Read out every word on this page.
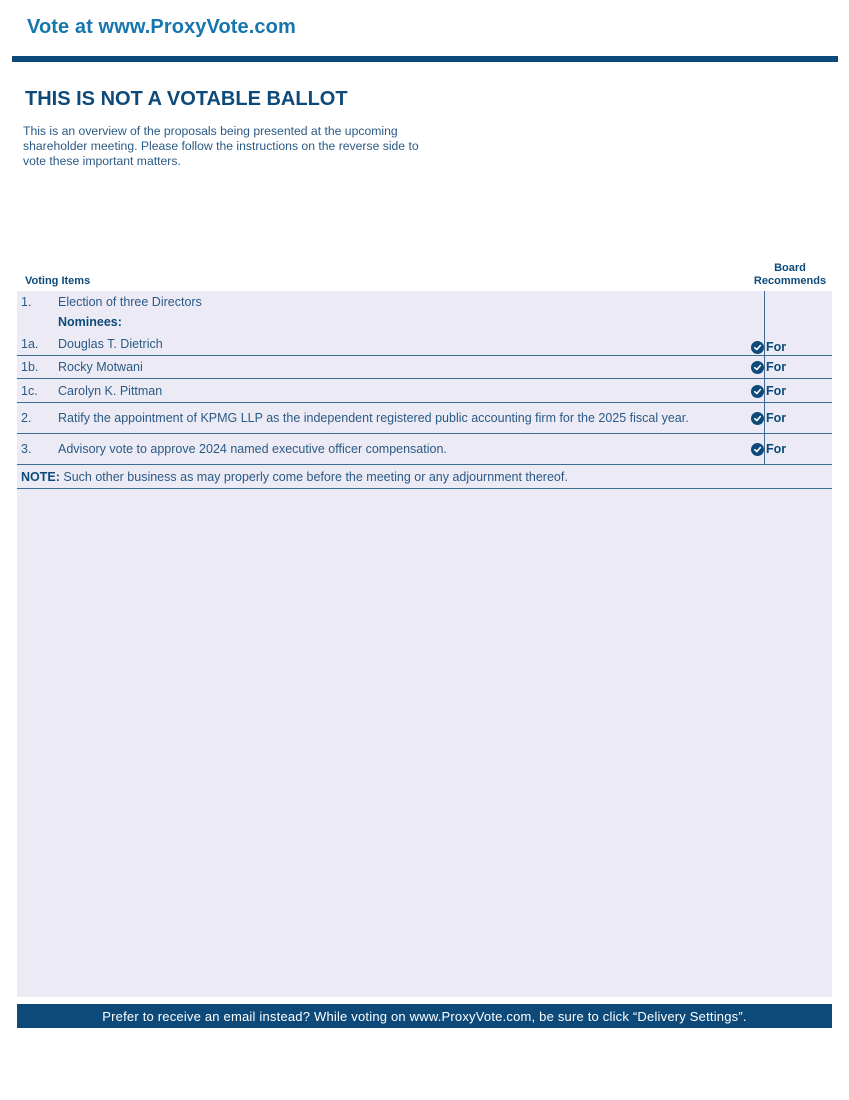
Vote at www.ProxyVote.com
THIS IS NOT A VOTABLE BALLOT
This is an overview of the proposals being presented at the upcoming shareholder meeting. Please follow the instructions on the reverse side to vote these important matters.
Voting Items
Board
Recommends
1. Election of three Directors
Nominees:
1a. Douglas T. Dietrich	For
1b. Rocky Motwani	For
1c. Carolyn K. Pittman	For
2. Ratify the appointment of KPMG LLP as the independent registered public accounting firm for the 2025 fiscal year.	For
3. Advisory vote to approve 2024 named executive officer compensation.	For
NOTE: Such other business as may properly come before the meeting or any adjournment thereof.
Prefer to receive an email instead? While voting on www.ProxyVote.com, be sure to click “Delivery Settings”.
